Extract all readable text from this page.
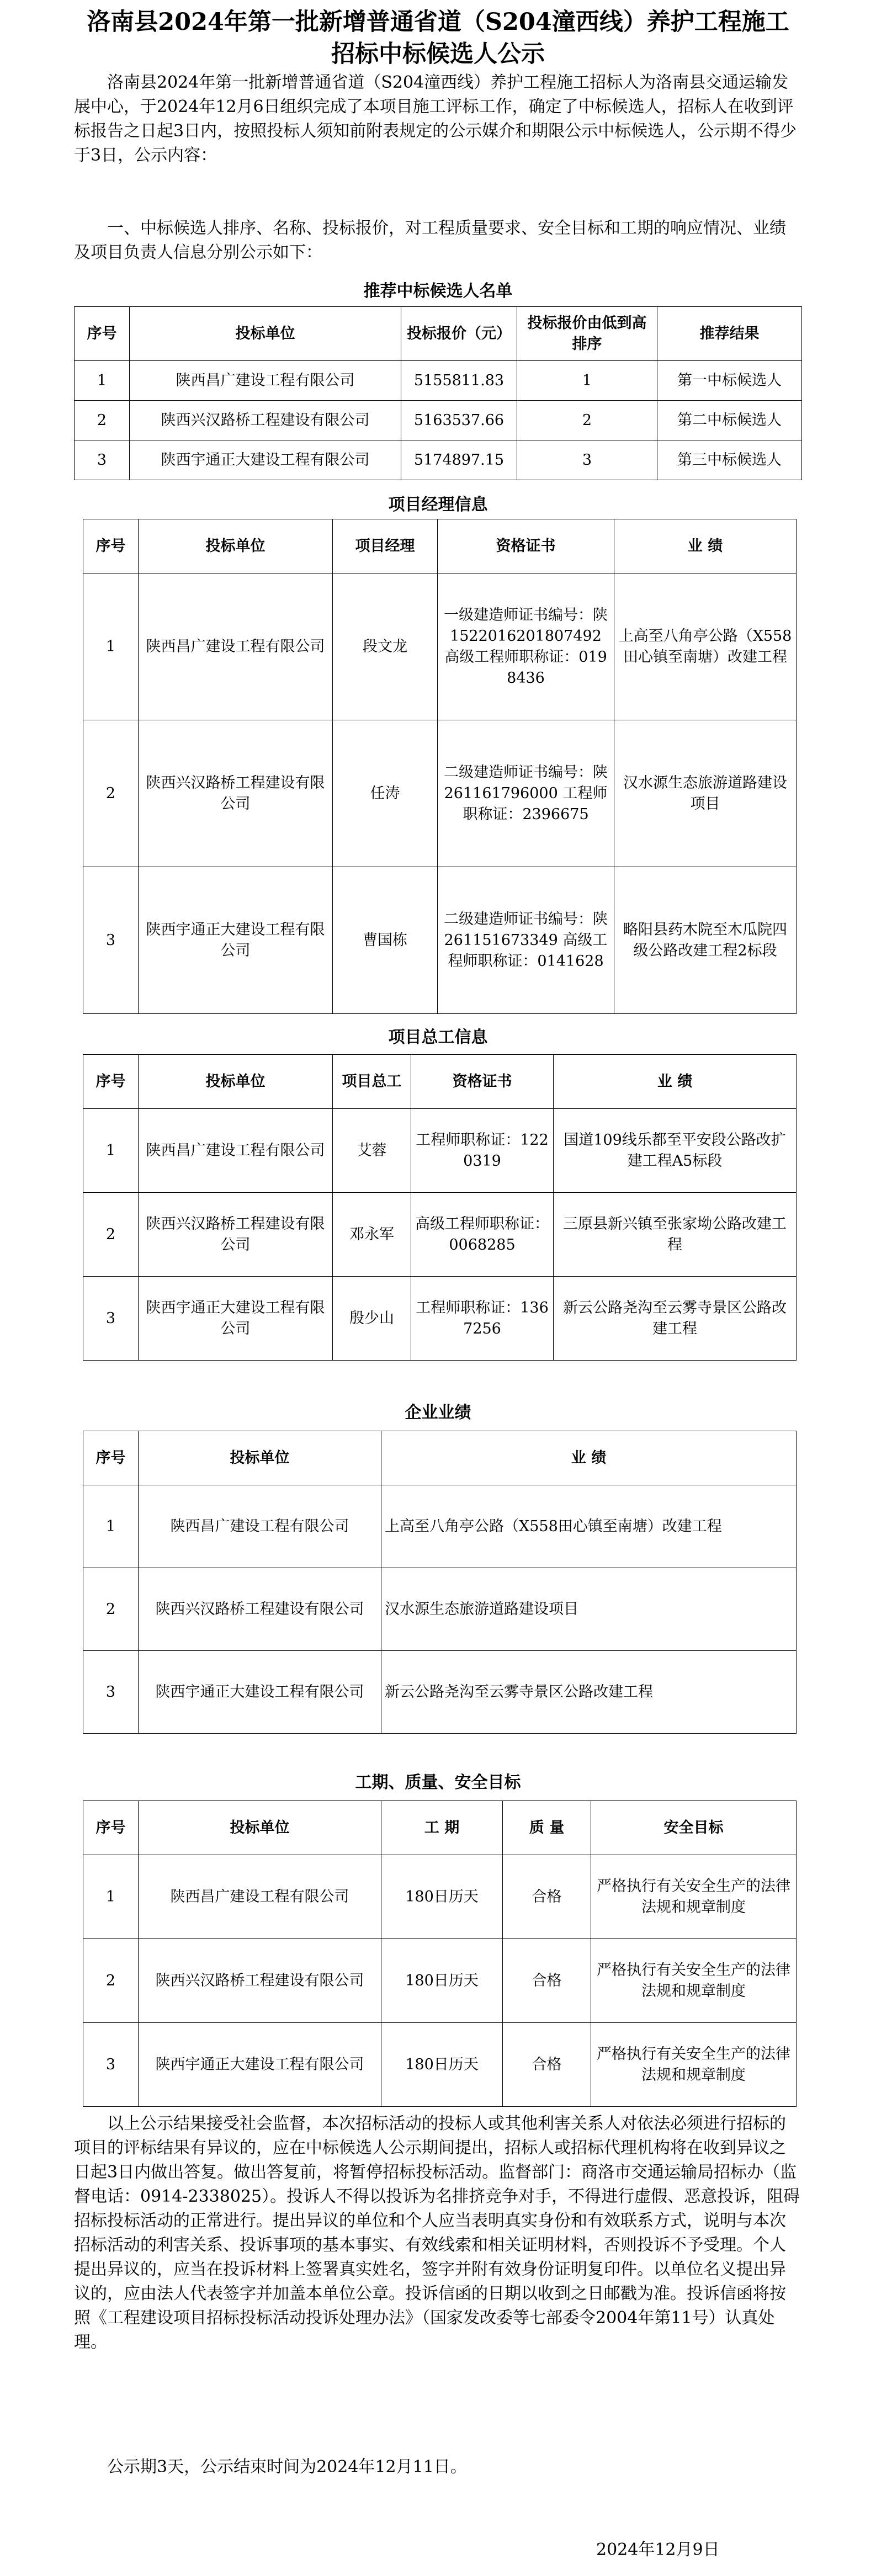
洛南县2024年第一批新增普通省道（S204潼西线）养护工程施工
招标中标候选人公示
洛南县2024年第一批新增普通省道（S204潼西线）养护工程施工招标人为洛南县交通运输发展中心，于2024年12月6日组织完成了本项目施工评标工作，确定了中标候选人，招标人在收到评标报告之日起3日内，按照投标人须知前附表规定的公示媒介和期限公示中标候选人，公示期不得少于3日，公示内容：
一、中标候选人排序、名称、投标报价，对工程质量要求、安全目标和工期的响应情况、业绩及项目负责人信息分别公示如下：
推荐中标候选人名单
序号	投标单位	投标报价（元）	投标报价由低到高排序	推荐结果
1	陕西昌广建设工程有限公司	5155811.83	1	第一中标候选人
2	陕西兴汉路桥工程建设有限公司	5163537.66	2	第二中标候选人
3	陕西宇通正大建设工程有限公司	5174897.15	3	第三中标候选人
项目经理信息
序号	投标单位	项目经理	资格证书	业 绩
1	陕西昌广建设工程有限公司	段文龙	一级建造师证书编号：陕 1522016201807492 高级工程师职称证：0198436	上高至八角亭公路（X558田心镇至南塘）改建工程
2	陕西兴汉路桥工程建设有限公司	任涛	二级建造师证书编号：陕 261161796000 工程师职称证：2396675	汉水源生态旅游道路建设项目
3	陕西宇通正大建设工程有限公司	曹国栋	二级建造师证书编号：陕 261151673349 高级工程师职称证：0141628	略阳县药木院至木瓜院四级公路改建工程2标段
项目总工信息
序号	投标单位	项目总工	资格证书	业 绩
1	陕西昌广建设工程有限公司	艾蓉	工程师职称证：1220319	国道109线乐都至平安段公路改扩建工程A5标段
2	陕西兴汉路桥工程建设有限公司	邓永军	高级工程师职称证：0068285	三原县新兴镇至张家坳公路改建工程
3	陕西宇通正大建设工程有限公司	殷少山	工程师职称证：1367256	新云公路尧沟至云雾寺景区公路改建工程
企业业绩
序号	投标单位	业 绩
1	陕西昌广建设工程有限公司	上高至八角亭公路（X558田心镇至南塘）改建工程
2	陕西兴汉路桥工程建设有限公司	汉水源生态旅游道路建设项目
3	陕西宇通正大建设工程有限公司	新云公路尧沟至云雾寺景区公路改建工程
工期、质量、安全目标
序号	投标单位	工 期	质 量	安全目标
1	陕西昌广建设工程有限公司	180日历天	合格	严格执行有关安全生产的法律法规和规章制度
2	陕西兴汉路桥工程建设有限公司	180日历天	合格	严格执行有关安全生产的法律法规和规章制度
3	陕西宇通正大建设工程有限公司	180日历天	合格	严格执行有关安全生产的法律法规和规章制度
以上公示结果接受社会监督，本次招标活动的投标人或其他利害关系人对依法必须进行招标的项目的评标结果有异议的，应在中标候选人公示期间提出，招标人或招标代理机构将在收到异议之日起3日内做出答复。做出答复前，将暂停招标投标活动。监督部门：商洛市交通运输局招标办（监督电话：0914-2338025）。投诉人不得以投诉为名排挤竞争对手，不得进行虚假、恶意投诉，阻碍招标投标活动的正常进行。提出异议的单位和个人应当表明真实身份和有效联系方式，说明与本次招标活动的利害关系、投诉事项的基本事实、有效线索和相关证明材料，否则投诉不予受理。个人提出异议的，应当在投诉材料上签署真实姓名，签字并附有效身份证明复印件。以单位名义提出异议的，应由法人代表签字并加盖本单位公章。投诉信函的日期以收到之日邮戳为准。投诉信函将按照《工程建设项目招标投标活动投诉处理办法》（国家发改委等七部委令2004年第11号）认真处理。
公示期3天，公示结束时间为2024年12月11日。
2024年12月9日
